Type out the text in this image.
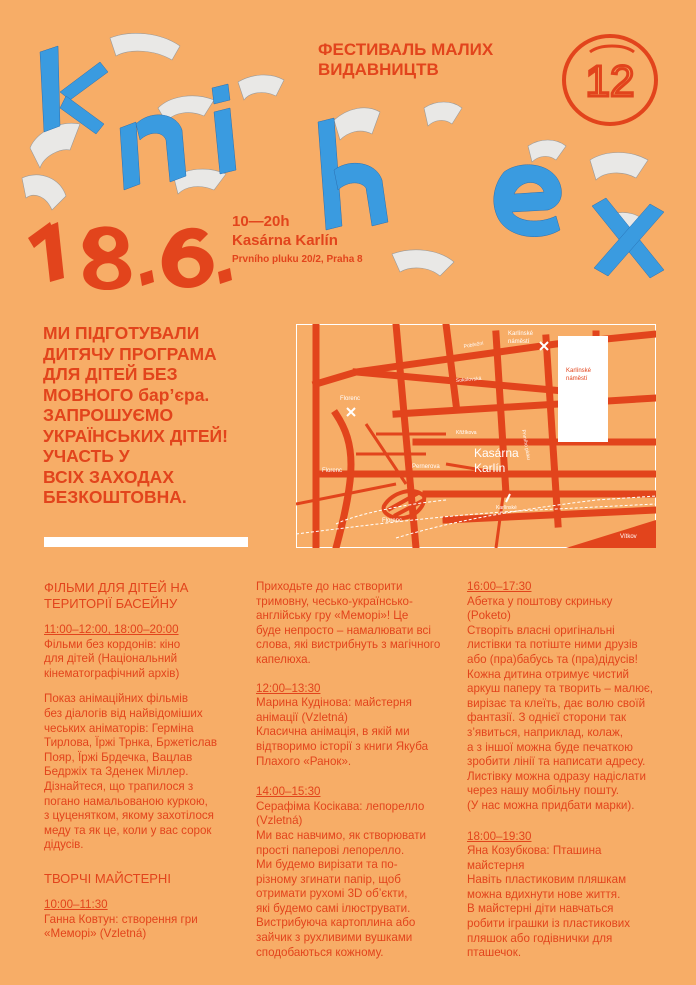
12
ФЕСТИВАЛЬ МАЛИХ
ВИДАВНИЦТВ
10—20h
Kasárna Karlín
Prvního pluku 20/2, Praha 8
МИ ПІДГОТУВАЛИ
ДИТЯЧУ ПРОГРАМА
ДЛЯ ДІТЕЙ БЕЗ
МОВНОГО бар’єра.
ЗАПРОШУЄМО
УКРАЇНСЬКИХ ДІТЕЙ!
УЧАСТЬ У
ВСІХ ЗАХОДАХ
БЕЗКОШТОВНА.
Karlínské
náměstí
Karlínské
náměstí
Florenc
Florenc
Florenc
Pernerova
Kasárna
Karlín
Vítkov
Pobřežní
Sokolovská
Křižíkova	Prvního pluku
Karlínské
ФІЛЬМИ ДЛЯ ДІТЕЙ НА
ТЕРИТОРІЇ БАСЕЙНУ
11:00–12:00, 18:00–20:00
Фільми без кордонів: кіно
для дітей (Національний
кінематографічний архів)
Показ анімаційних фільмів
без діалогів від найвідоміших
чеських аніматорів: Герміна
Тирлова, Їржі Трнка, Бржетіслав
Пояр, Їржі Брдечка, Вацлав
Бедржіх та Зденек Міллер.
Дізнайтеся, що трапилося з
погано намальованою куркою,
з цуценятком, якому захотілося
меду та як це, коли у вас сорок
дідусів.
ТВОРЧІ МАЙСТЕРНІ
10:00–11:30
Ганна Ковтун: створення гри
«Меморі» (Vzletná)
Приходьте до нас створити
тримовну, чесько-українсько-
англійську гру «Меморі»! Це
буде непросто – намалювати всі
слова, які вистрибнуть з магічного
капелюха.
12:00–13:30
Марина Кудінова: майстерня
анімації (Vzletná)
Класична анімація, в якій ми
відтворимо історії з книги Якуба
Плахого «Ранок».
14:00–15:30
Серафіма Косікава: лепорелло
(Vzletná)
Ми вас навчимо, як створювати
прості паперові лепорелло.
Ми будемо вирізати та по-
різному згинати папір, щоб
отримати рухомі 3D об’єкти,
які будемо самі ілюструвати.
Вистрибуюча картоплина або
зайчик з рухливими вушками
сподобаються кожному.
16:00–17:30
Абетка у поштову скриньку
(Poketo)
Створіть власні оригінальні
листівки та потіште ними друзів
або (пра)бабусь та (пра)дідусів!
Кожна дитина отримує чистий
аркуш паперу та творить – малює,
вирізає та клеїть, дає волю своїй
фантазії. З однієї сторони так
з’явиться, наприклад, колаж,
а з іншої можна буде печаткою
зробити лінії та написати адресу.
Листівку можна одразу надіслати
через нашу мобільну пошту.
(У нас можна придбати марки).
18:00–19:30
Яна Козубкова: Пташина
майстерня
Навіть пластиковим пляшкам
можна вдихнути нове життя.
В майстерні діти навчаться
робити іграшки із пластикових
пляшок або годівнички для
пташечок.
